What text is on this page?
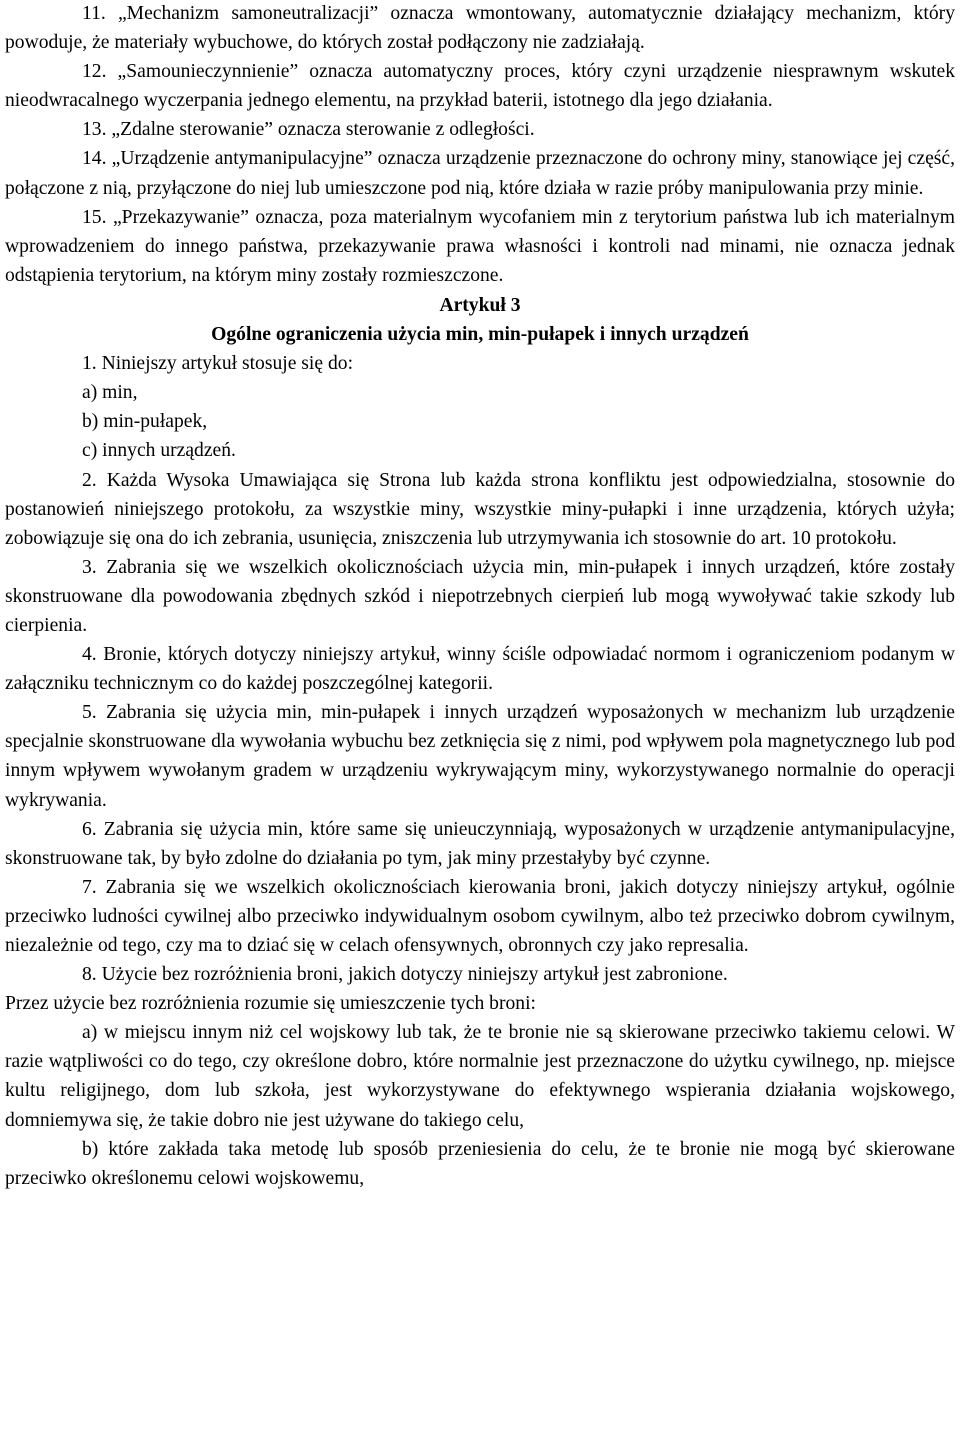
11. „Mechanizm samoneutralizacji” oznacza wmontowany, automatycznie działający mechanizm, który powoduje, że materiały wybuchowe, do których został podłączony nie zadziałają.

12. „Samounieczynnienie” oznacza automatyczny proces, który czyni urządzenie niesprawnym wskutek nieodwracalnego wyczerpania jednego elementu, na przykład baterii, istotnego dla jego działania.

13. „Zdalne sterowanie” oznacza sterowanie z odległości.

14. „Urządzenie antymanipulacyjne” oznacza urządzenie przeznaczone do ochrony miny, stanowiące jej część, połączone z nią, przyłączone do niej lub umieszczone pod nią, które działa w razie próby manipulowania przy minie.

15. „Przekazywanie” oznacza, poza materialnym wycofaniem min z terytorium państwa lub ich materialnym wprowadzeniem do innego państwa, przekazywanie prawa własności i kontroli nad minami, nie oznacza jednak odstąpienia terytorium, na którym miny zostały rozmieszczone.

Artykuł 3
Ogólne ograniczenia użycia min, min-pułapek i innych urządzeń

1. Niniejszy artykuł stosuje się do:

a) min,
b) min-pułapek,
c) innych urządzeń.

2. Każda Wysoka Umawiająca się Strona lub każda strona konfliktu jest odpowiedzialna, stosownie do postanowień niniejszego protokołu, za wszystkie miny, wszystkie miny-pułapki i inne urządzenia, których użyła; zobowiązuje się ona do ich zebrania, usunięcia, zniszczenia lub utrzymywania ich stosownie do art. 10 protokołu.

3. Zabrania się we wszelkich okolicznościach użycia min, min-pułapek i innych urządzeń, które zostały skonstruowane dla powodowania zbędnych szkód i niepotrzebnych cierpień lub mogą wywoływać takie szkody lub cierpienia.

4. Bronie, których dotyczy niniejszy artykuł, winny ściśle odpowiadać normom i ograniczeniom podanym w załączniku technicznym co do każdej poszczególnej kategorii.

5. Zabrania się użycia min, min-pułapek i innych urządzeń wyposażonych w mechanizm lub urządzenie specjalnie skonstruowane dla wywołania wybuchu bez zetknięcia się z nimi, pod wpływem pola magnetycznego lub pod innym wpływem wywołanym gradem w urządzeniu wykrywającym miny, wykorzystywanego normalnie do operacji wykrywania.

6. Zabrania się użycia min, które same się unieuczynniają, wyposażonych w urządzenie antymanipulacyjne, skonstruowane tak, by było zdolne do działania po tym, jak miny przestałyby być czynne.

7. Zabrania się we wszelkich okolicznościach kierowania broni, jakich dotyczy niniejszy artykuł, ogólnie przeciwko ludności cywilnej albo przeciwko indywidualnym osobom cywilnym, albo też przeciwko dobrom cywilnym, niezależnie od tego, czy ma to dziać się w celach ofensywnych, obronnych czy jako represalia.

8. Użycie bez rozróżnienia broni, jakich dotyczy niniejszy artykuł jest zabronione.

Przez użycie bez rozróżnienia rozumie się umieszczenie tych broni:

a) w miejscu innym niż cel wojskowy lub tak, że te bronie nie są skierowane przeciwko takiemu celowi. W razie wątpliwości co do tego, czy określone dobro, które normalnie jest przeznaczone do użytku cywilnego, np. miejsce kultu religijnego, dom lub szkoła, jest wykorzystywane do efektywnego wspierania działania wojskowego, domniemywa się, że takie dobro nie jest używane do takiego celu,

b) które zakłada taka metodę lub sposób przeniesienia do celu, że te bronie nie mogą być skierowane przeciwko określonemu celowi wojskowemu,
